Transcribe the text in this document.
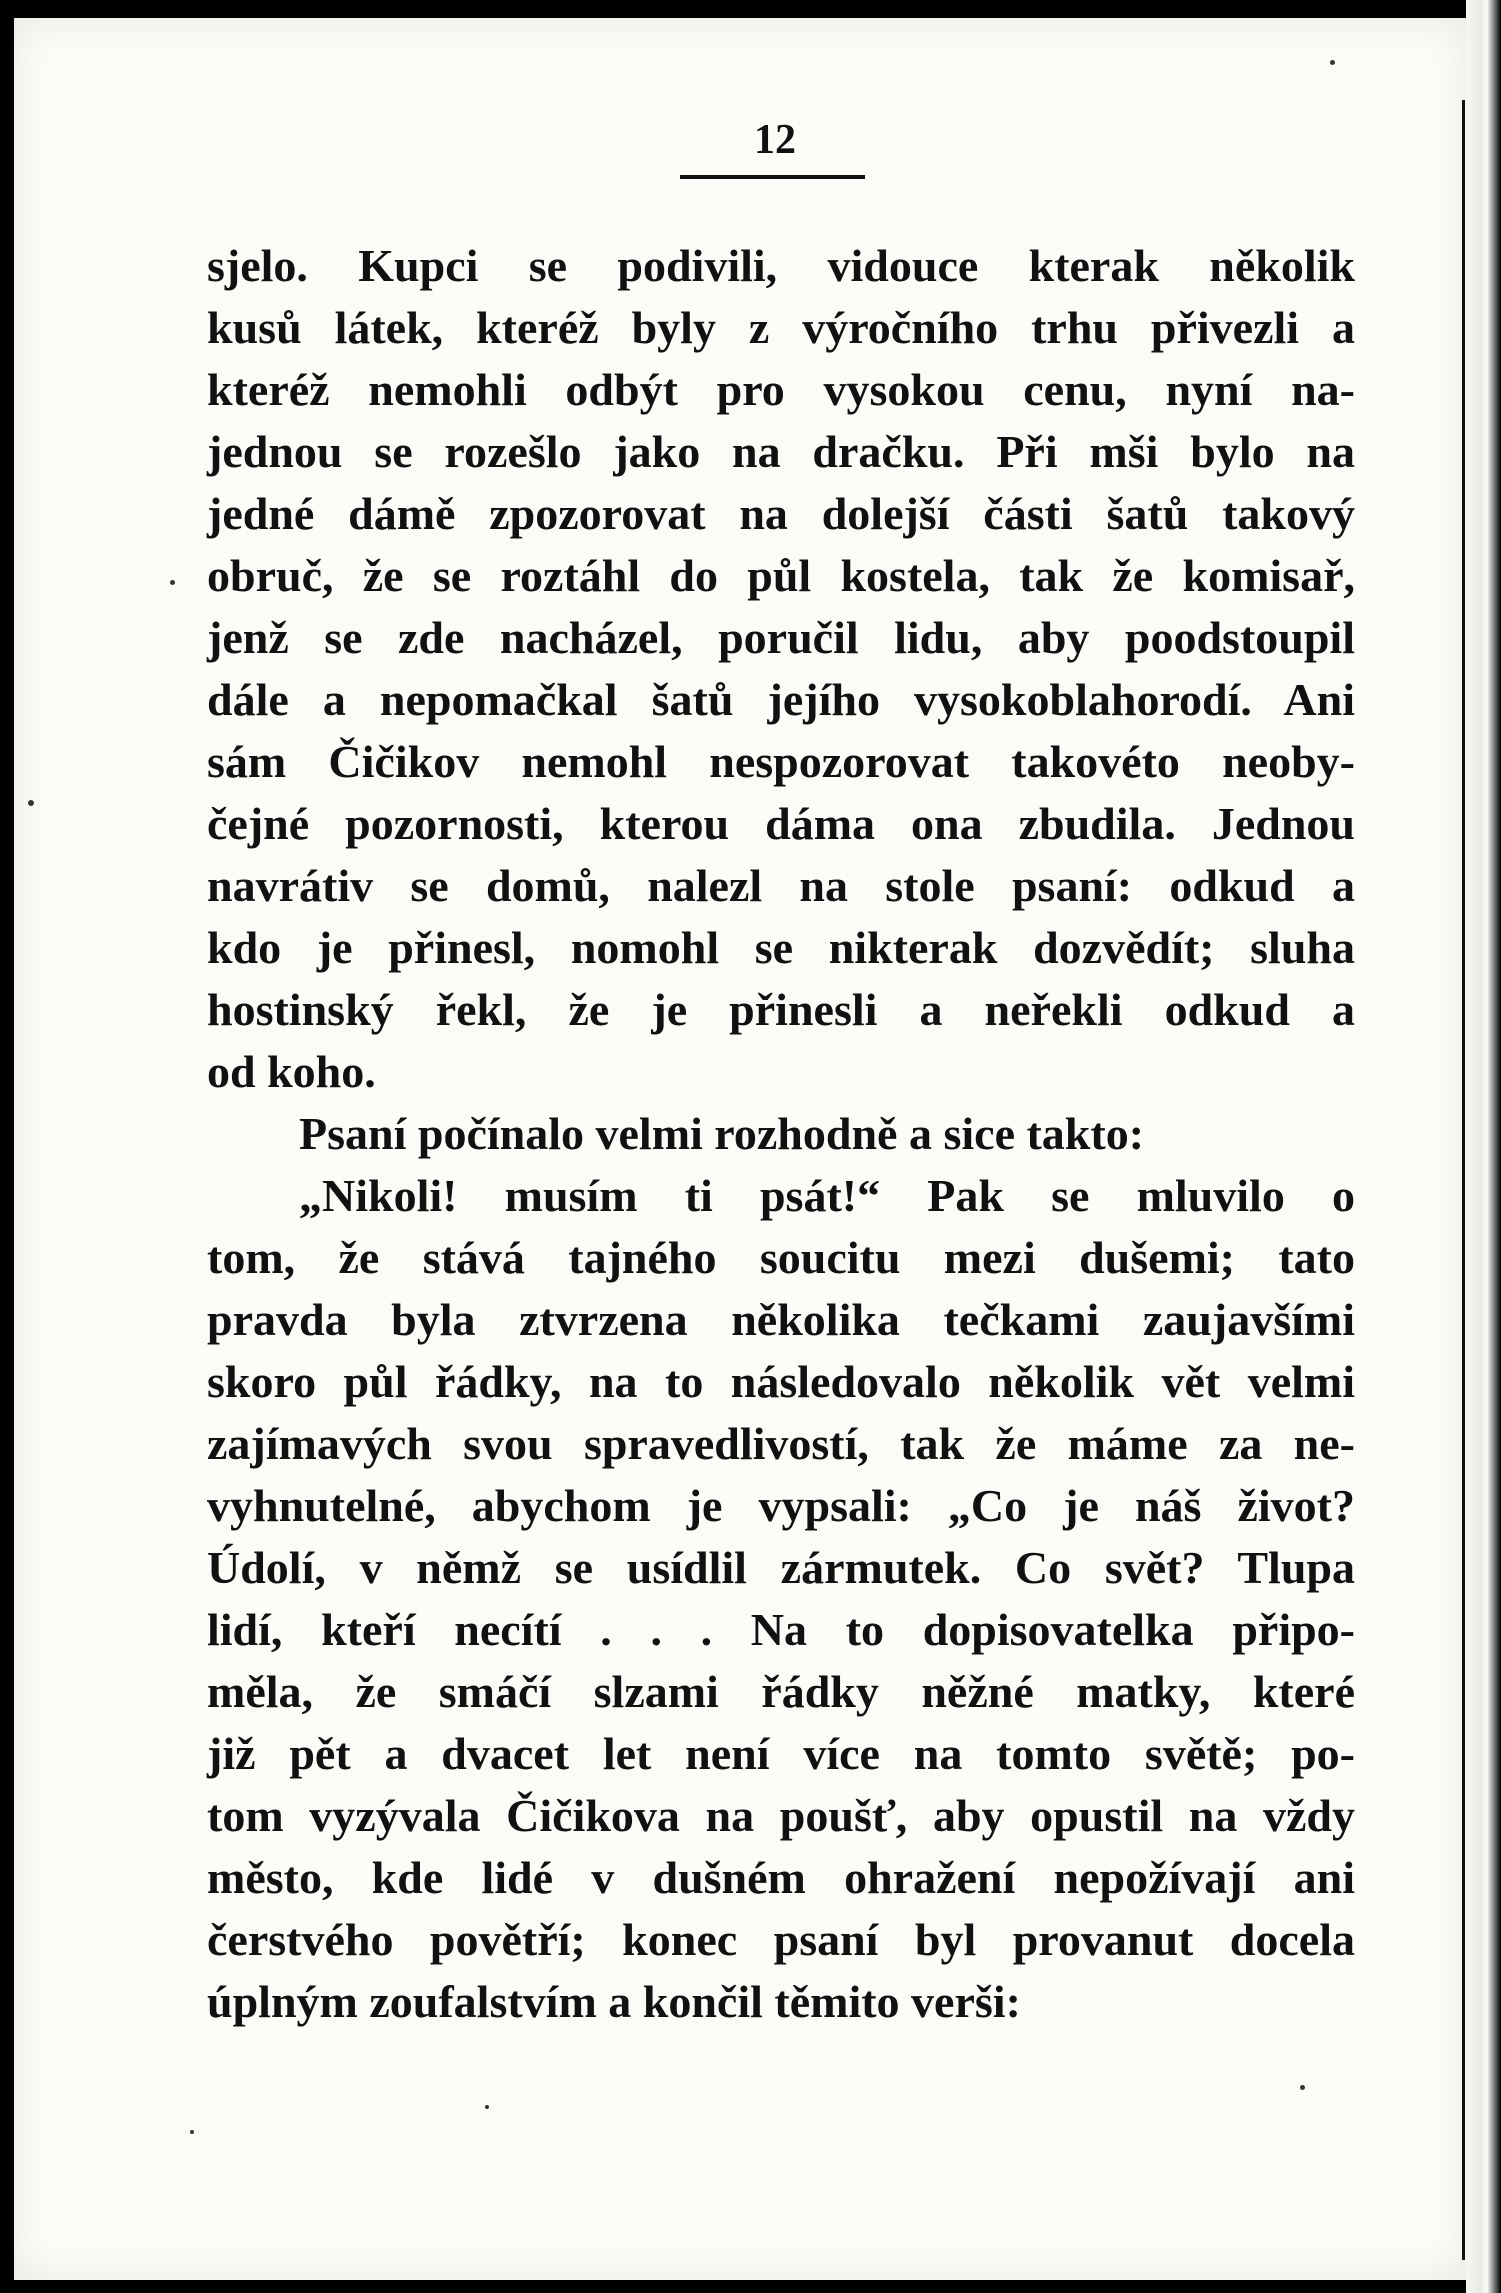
12
sjelo. Kupci se podivili, vidouce kterak několik
kusů látek, kteréž byly z výročního trhu přivezli a
kteréž nemohli odbýt pro vysokou cenu, nyní na-
jednou se rozešlo jako na dračku. Při mši bylo na
jedné dámě zpozorovat na dolejší části šatů takový
obruč, že se roztáhl do půl kostela, tak že komisař,
jenž se zde nacházel, poručil lidu, aby poodstoupil
dále a nepomačkal šatů jejího vysokoblahorodí. Ani
sám Čičikov nemohl nespozorovat takovéto neoby-
čejné pozornosti, kterou dáma ona zbudila. Jednou
navrátiv se domů, nalezl na stole psaní: odkud a
kdo je přinesl, nomohl se nikterak dozvědít; sluha
hostinský řekl, že je přinesli a neřekli odkud a
od koho.
Psaní počínalo velmi rozhodně a sice takto:
„Nikoli! musím ti psát!“ Pak se mluvilo o
tom, že stává tajného soucitu mezi dušemi; tato
pravda byla ztvrzena několika tečkami zaujavšími
skoro půl řádky, na to následovalo několik vět velmi
zajímavých svou spravedlivostí, tak že máme za ne-
vyhnutelné, abychom je vypsali: „Co je náš život?
Údolí, v němž se usídlil zármutek. Co svět? Tlupa
lidí, kteří necítí . . . Na to dopisovatelka připo-
měla, že smáčí slzami řádky něžné matky, které
již pět a dvacet let není více na tomto světě; po-
tom vyzývala Čičikova na poušť, aby opustil na vždy
město, kde lidé v dušném ohražení nepožívají ani
čerstvého povětří; konec psaní byl provanut docela
úplným zoufalstvím a končil těmito verši:
